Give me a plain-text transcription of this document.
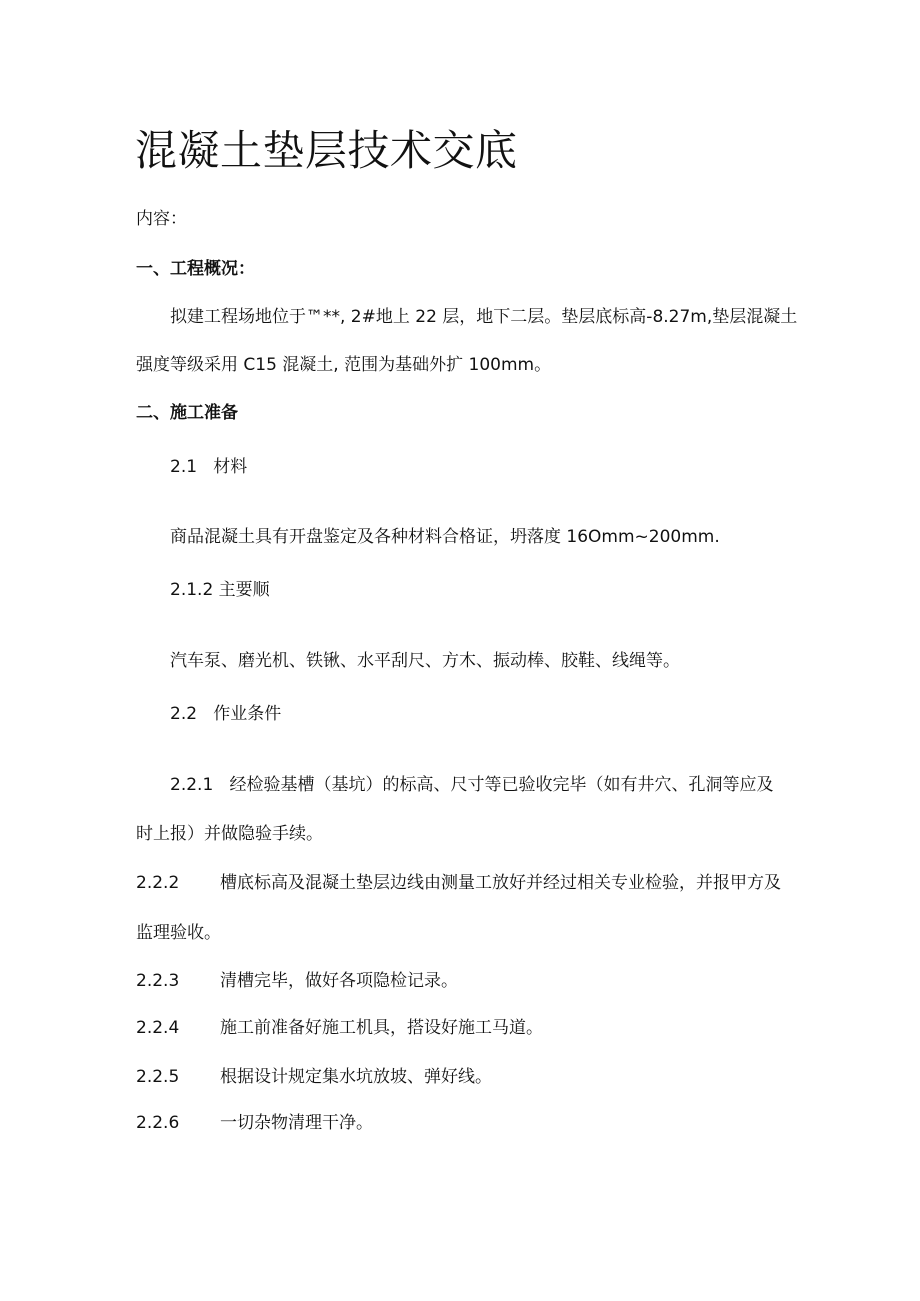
混凝土垫层技术交底

内容：

一、工程概况：

拟建工程场地位于™**, 2#地上 22 层，地下二层。垫层底标高-8.27m,垫层混凝土

强度等级采用 C15 混凝土, 范围为基础外扩 100mm。

二、施工准备

2.1   材料

商品混凝土具有开盘鉴定及各种材料合格证，坍落度 16Omm~200mm.

2.1.2 主要顺

汽车泵、磨光机、铁锹、水平刮尺、方木、振动棒、胶鞋、线绳等。

2.2   作业条件

2.2.1   经检验基槽（基坑）的标高、尺寸等已验收完毕（如有井穴、孔洞等应及

时上报）并做隐验手续。

2.2.2 槽底标高及混凝土垫层边线由测量工放好并经过相关专业检验，并报甲方及
监理验收。
2.2.3 清槽完毕，做好各项隐检记录。
2.2.4 施工前准备好施工机具，搭设好施工马道。
2.2.5 根据设计规定集水坑放坡、弹好线。
2.2.6 一切杂物清理干净。
